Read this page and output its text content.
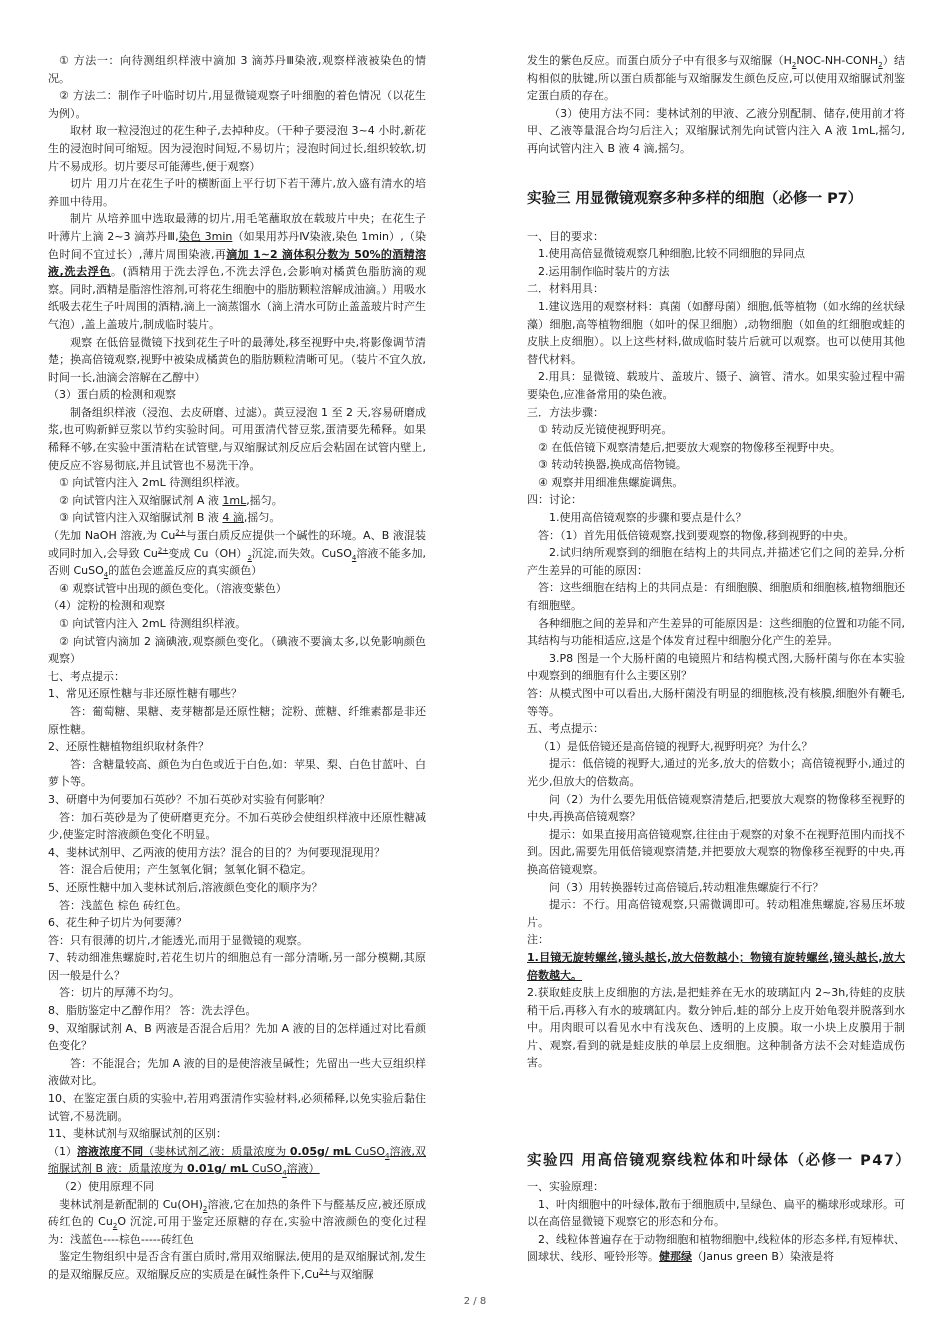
① 方法一：向待测组织样液中滴加 3 滴苏丹Ⅲ染液,观察样液被染色的情况。

② 方法二：制作子叶临时切片,用显微镜观察子叶细胞的着色情况（以花生为例）。

取材 取一粒浸泡过的花生种子,去掉种皮。（干种子要浸泡 3~4 小时,新花生的浸泡时间可缩短。因为浸泡时间短,不易切片；浸泡时间过长,组织较软,切片不易成形。切片要尽可能薄些,便于观察）

切片 用刀片在花生子叶的横断面上平行切下若干薄片,放入盛有清水的培养皿中待用。

制片 从培养皿中选取最薄的切片,用毛笔蘸取放在载玻片中央；在花生子叶薄片上滴 2~3 滴苏丹Ⅲ,染色 3min（如果用苏丹Ⅳ染液,染色 1min）,（染色时间不宜过长）,薄片周围染液,再滴加 1~2 滴体积分数为 50%的酒精溶液,洗去浮色。(酒精用于洗去浮色,不洗去浮色,会影响对橘黄色脂肪滴的观察。同时,酒精是脂溶性溶剂,可将花生细胞中的脂肪颗粒溶解成油滴。）用吸水纸吸去花生子叶周围的酒精,滴上一滴蒸馏水（滴上清水可防止盖盖玻片时产生气泡）,盖上盖玻片,制成临时装片。

观察 在低倍显微镜下找到花生子叶的最薄处,移至视野中央,将影像调节清楚；换高倍镜观察,视野中被染成橘黄色的脂肪颗粒清晰可见。（装片不宜久放,时间一长,油滴会溶解在乙醇中）

（3）蛋白质的检测和观察

制备组织样液（浸泡、去皮研磨、过滤）。黄豆浸泡 1 至 2 天,容易研磨成浆,也可购新鲜豆浆以节约实验时间。可用蛋清代替豆浆,蛋清要先稀释。如果稀释不够,在实验中蛋清粘在试管壁,与双缩脲试剂反应后会粘固在试管内壁上,使反应不容易彻底,并且试管也不易洗干净。

① 向试管内注入 2mL 待测组织样液。

② 向试管内注入双缩脲试剂 A 液 1mL,摇匀。

③ 向试管内注入双缩脲试剂 B 液 4 滴,摇匀。

（先加 NaOH 溶液,为 $Cu^{2+}$与蛋白质反应提供一个碱性的环境。A、B 液混装或同时加入,会导致 $Cu^{2+}$变成 $Cu(OH)_2$沉淀,而失效。CuSO$_4$溶液不能多加,否则 CuSO$_4$的蓝色会遮盖反应的真实颜色）

④ 观察试管中出现的颜色变化。（溶液变紫色）

（4）淀粉的检测和观察

① 向试管内注入 2mL 待测组织样液。

② 向试管内滴加 2 滴碘液,观察颜色变化。（碘液不要滴太多,以免影响颜色观察）

七、考点提示：

1、常见还原性糖与非还原性糖有哪些？

答：葡萄糖、果糖、麦芽糖都是还原性糖；淀粉、蔗糖、纤维素都是非还原性糖。

2、还原性糖植物组织取材条件？

答：含糖量较高、颜色为白色或近于白色,如：苹果、梨、白色甘蓝叶、白萝卜等。

3、研磨中为何要加石英砂？不加石英砂对实验有何影响？

答：加石英砂是为了使研磨更充分。不加石英砂会使组织样液中还原性糖减少,使鉴定时溶液颜色变化不明显。

4、斐林试剂甲、乙两液的使用方法？混合的目的？为何要现混现用？

答：混合后使用；产生氢氧化铜；氢氧化铜不稳定。

5、还原性糖中加入斐林试剂后,溶液颜色变化的顺序为？

答：浅蓝色 棕色 砖红色。

6、花生种子切片为何要薄？

答：只有很薄的切片,才能透光,而用于显微镜的观察。

7、转动细准焦螺旋时,若花生切片的细胞总有一部分清晰,另一部分模糊,其原因一般是什么？

答：切片的厚薄不均匀。

8、脂肪鉴定中乙醇作用？ 答：洗去浮色。

9、双缩脲试剂 A、B 两液是否混合后用？先加 A 液的目的怎样通过对比看颜色变化？

答：不能混合；先加 A 液的目的是使溶液呈碱性；先留出一些大豆组织样液做对比。

10、在鉴定蛋白质的实验中,若用鸡蛋清作实验材料,必须稀释,以免实验后黏住试管,不易洗刷。

11、斐林试剂与双缩脲试剂的区别：

（1）溶液浓度不同（斐林试剂乙液：质量浓度为 0.05g/ mL CuSO$_4$溶液,双缩脲试剂 B 液：质量浓度为 0.01g/ mL CuSO$_4$溶液）

（2）使用原理不同

斐林试剂是新配制的 $Cu(OH)_2$溶液,它在加热的条件下与醛基反应,被还原成砖红色的 $Cu_2O$ 沉淀,可用于鉴定还原糖的存在,实验中溶液颜色的变化过程为：浅蓝色----棕色-----砖红色

鉴定生物组织中是否含有蛋白质时,常用双缩脲法,使用的是双缩脲试剂,发生的是双缩脲反应。双缩脲反应的实质是在碱性条件下$,Cu^{2+}$与双缩脲

发生的紫色反应。而蛋白质分子中有很多与双缩脲$(H_2NOC-NH-CONH_2)$结构相似的肽键,所以蛋白质都能与双缩脲发生颜色反应,可以使用双缩脲试剂鉴定蛋白质的存在。

（3）使用方法不同：斐林试剂的甲液、乙液分别配制、储存,使用前才将甲、乙液等量混合均匀后注入；双缩脲试剂先向试管内注入 A 液 1mL,摇匀,再向试管内注入 B 液 4 滴,摇匀。

实验三 用显微镜观察多种多样的细胞（必修一 P7）

一、目的要求：

1.使用高倍显微镜观察几种细胞,比较不同细胞的异同点

2.运用制作临时装片的方法

二．材料用具：

1.建议选用的观察材料：真菌（如酵母菌）细胞,低等植物（如水绵的丝状绿藻）细胞,高等植物细胞（如叶的保卫细胞）,动物细胞（如鱼的红细胞或蛙的皮肤上皮细胞）。以上这些材料,做成临时装片后就可以观察。也可以使用其他替代材料。

2.用具：显微镜、载玻片、盖玻片、镊子、滴管、清水。如果实验过程中需要染色,应准备常用的染色液。

三．方法步骤：

① 转动反光镜使视野明亮。

② 在低倍镜下观察清楚后,把要放大观察的物像移至视野中央。

③ 转动转换器,换成高倍物镜。

④ 观察并用细准焦螺旋调焦。

四：讨论：

1.使用高倍镜观察的步骤和要点是什么？

答：（1）首先用低倍镜观察,找到要观察的物像,移到视野的中央。

2.试归纳所观察到的细胞在结构上的共同点,并描述它们之间的差异,分析产生差异的可能的原因：

答：这些细胞在结构上的共同点是：有细胞膜、细胞质和细胞核,植物细胞还有细胞壁。

各种细胞之间的差异和产生差异的可能原因是：这些细胞的位置和功能不同,其结构与功能相适应,这是个体发育过程中细胞分化产生的差异。

3.P8 图是一个大肠杆菌的电镜照片和结构模式图,大肠杆菌与你在本实验中观察到的细胞有什么主要区别？

答：从模式图中可以看出,大肠杆菌没有明显的细胞核,没有核膜,细胞外有鞭毛,等等。

五、考点提示：

（1）是低倍镜还是高倍镜的视野大,视野明亮？为什么？

提示：低倍镜的视野大,通过的光多,放大的倍数小；高倍镜视野小,通过的光少,但放大的倍数高。

问（2）为什么要先用低倍镜观察清楚后,把要放大观察的物像移至视野的中央,再换高倍镜观察？

提示：如果直接用高倍镜观察,往往由于观察的对象不在视野范围内而找不到。因此,需要先用低倍镜观察清楚,并把要放大观察的物像移至视野的中央,再换高倍镜观察。

问（3）用转换器转过高倍镜后,转动粗准焦螺旋行不行？

提示：不行。用高倍镜观察,只需微调即可。转动粗准焦螺旋,容易压坏玻片。

注：

1.目镜无旋转螺丝,镜头越长,放大倍数越小；物镜有旋转螺丝,镜头越长,放大倍数越大。

2.获取蛙皮肤上皮细胞的方法,是把蛙养在无水的玻璃缸内 2~3h,待蛙的皮肤稍干后,再移入有水的玻璃缸内。数分钟后,蛙的部分上皮开始龟裂并脱落到水中。用肉眼可以看见水中有浅灰色、透明的上皮膜。取一小块上皮膜用于制片、观察,看到的就是蛙皮肤的单层上皮细胞。这种制备方法不会对蛙造成伤害。

实验四 用高倍镜观察线粒体和叶绿体（必修一 P47）

一、实验原理：

1、叶肉细胞中的叶绿体,散布于细胞质中,呈绿色、扁平的椭球形或球形。可以在高倍显微镜下观察它的形态和分布。

2、线粒体普遍存在于动物细胞和植物细胞中,线粒体的形态多样,有短棒状、圆球状、线形、哑铃形等。健那绿（Janus green B）染液是将

2 / 8
